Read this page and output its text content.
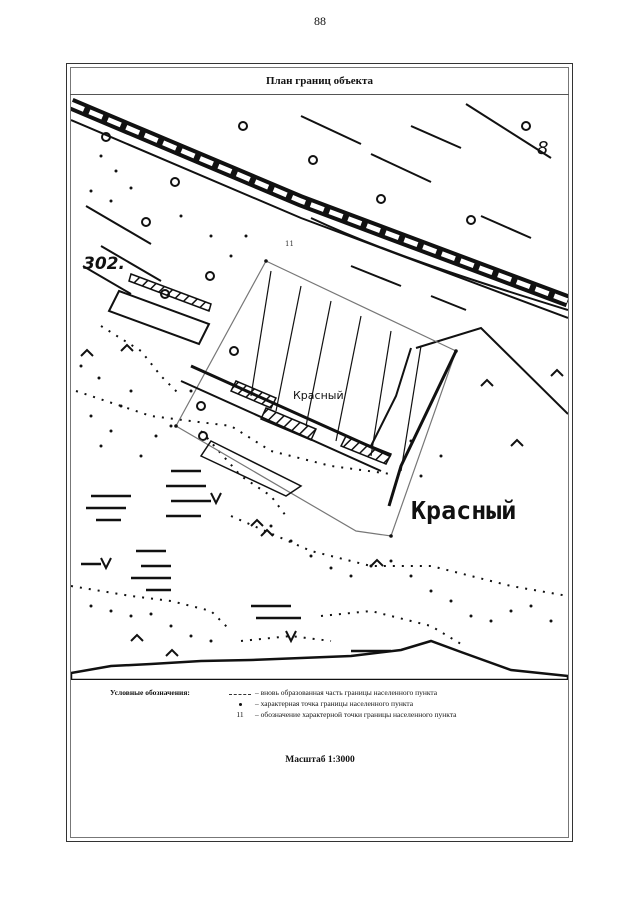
88
План границ объекта
302.
Красный
Красный
8
11
Условные обозначения:	– вновь образованная часть границы населенного пункта
– характерная точка границы населенного пункта
11	– обозначение характерной точки границы населенного пункта
Масштаб 1:3000
